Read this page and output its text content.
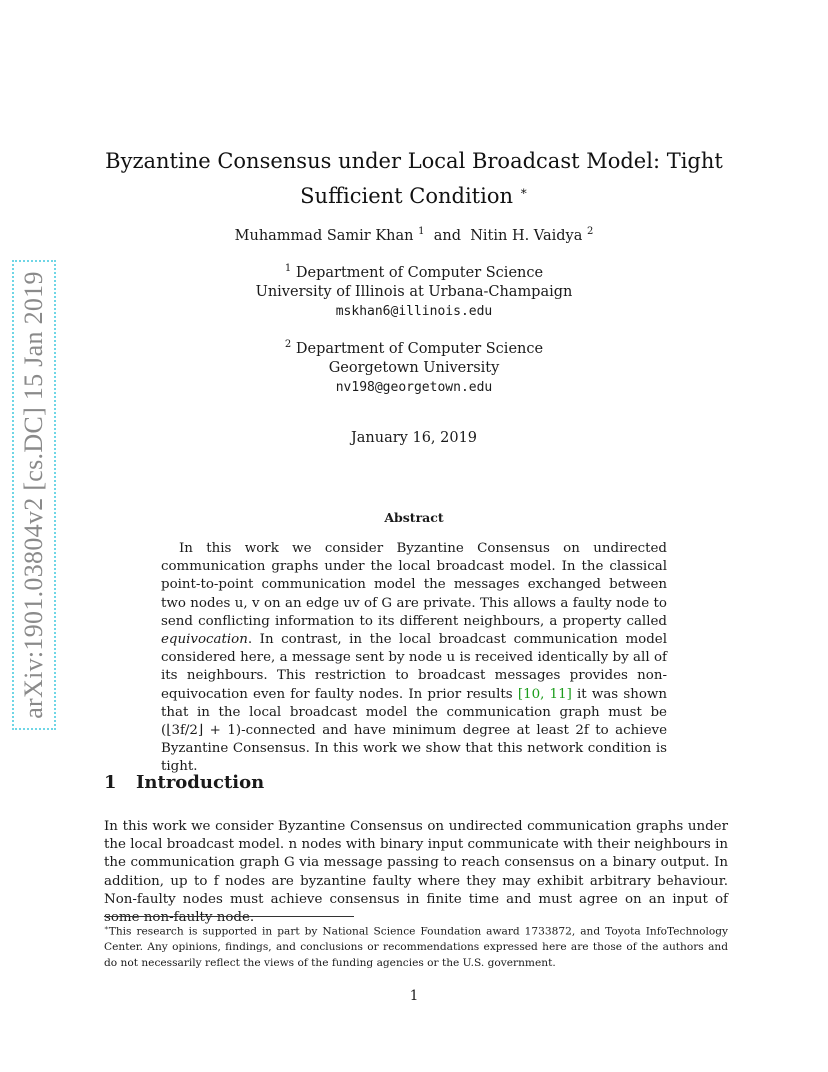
arXiv:1901.03804v2 [cs.DC] 15 Jan 2019
Byzantine Consensus under Local Broadcast Model: Tight
Sufficient Condition ∗
Muhammad Samir Khan $^1$ and Nitin H. Vaidya $^2$
$^1$ Department of Computer Science
University of Illinois at Urbana-Champaign
mskhan6@illinois.edu
$^2$ Department of Computer Science
Georgetown University
nv198@georgetown.edu
January 16, 2019
Abstract
In this work we consider Byzantine Consensus on undirected communication graphs under the local broadcast model. In the classical point-to-point communication model the messages exchanged between two nodes u, v on an edge uv of G are private. This allows a faulty node to send conflicting information to its different neighbours, a property called equivocation. In contrast, in the local broadcast communication model considered here, a message sent by node u is received identically by all of its neighbours. This restriction to broadcast messages provides non-equivocation even for faulty nodes. In prior results [10, 11] it was shown that in the local broadcast model the communication graph must be (⌊3f/2⌋ + 1)-connected and have minimum degree at least 2f to achieve Byzantine Consensus. In this work we show that this network condition is tight.
1 Introduction
In this work we consider Byzantine Consensus on undirected communication graphs under the local broadcast model. n nodes with binary input communicate with their neighbours in the communication graph G via message passing to reach consensus on a binary output. In addition, up to f nodes are byzantine faulty where they may exhibit arbitrary behaviour. Non-faulty nodes must achieve consensus in finite time and must agree on an input of some non-faulty node.
∗This research is supported in part by National Science Foundation award 1733872, and Toyota InfoTechnology Center. Any opinions, findings, and conclusions or recommendations expressed here are those of the authors and do not necessarily reflect the views of the funding agencies or the U.S. government.
1
